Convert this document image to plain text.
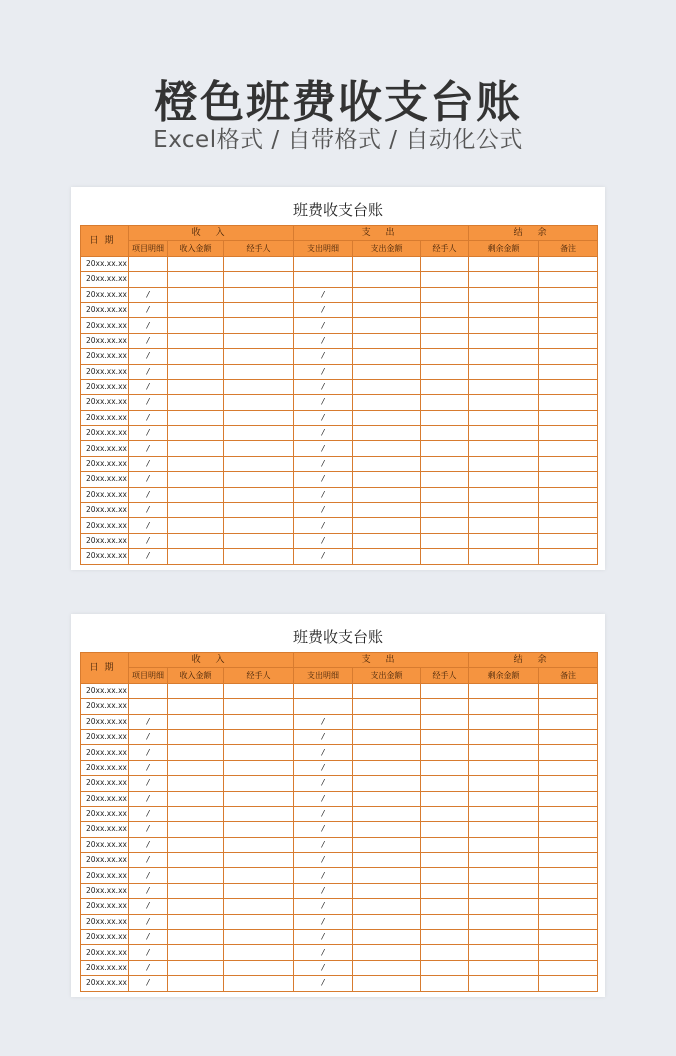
橙色班费收支台账
Excel格式 / 自带格式 / 自动化公式
班费收支台账
日期	收 入			支 出			结 余	
	项目明细	收入金额	经手人	支出明细	支出金额	经手人	剩余金额	备注
20xx.xx.xx								
20xx.xx.xx								
20xx.xx.xx	/			/				
20xx.xx.xx	/			/				
20xx.xx.xx	/			/				
20xx.xx.xx	/			/				
20xx.xx.xx	/			/				
20xx.xx.xx	/			/				
20xx.xx.xx	/			/				
20xx.xx.xx	/			/				
20xx.xx.xx	/			/				
20xx.xx.xx	/			/				
20xx.xx.xx	/			/				
20xx.xx.xx	/			/				
20xx.xx.xx	/			/				
20xx.xx.xx	/			/				
20xx.xx.xx	/			/				
20xx.xx.xx	/			/				
20xx.xx.xx	/			/				
20xx.xx.xx	/			/				
班费收支台账
日期	收 入			支 出			结 余	
	项目明细	收入金额	经手人	支出明细	支出金额	经手人	剩余金额	备注
20xx.xx.xx								
20xx.xx.xx								
20xx.xx.xx	/			/				
20xx.xx.xx	/			/				
20xx.xx.xx	/			/				
20xx.xx.xx	/			/				
20xx.xx.xx	/			/				
20xx.xx.xx	/			/				
20xx.xx.xx	/			/				
20xx.xx.xx	/			/				
20xx.xx.xx	/			/				
20xx.xx.xx	/			/				
20xx.xx.xx	/			/				
20xx.xx.xx	/			/				
20xx.xx.xx	/			/				
20xx.xx.xx	/			/				
20xx.xx.xx	/			/				
20xx.xx.xx	/			/				
20xx.xx.xx	/			/				
20xx.xx.xx	/			/				
